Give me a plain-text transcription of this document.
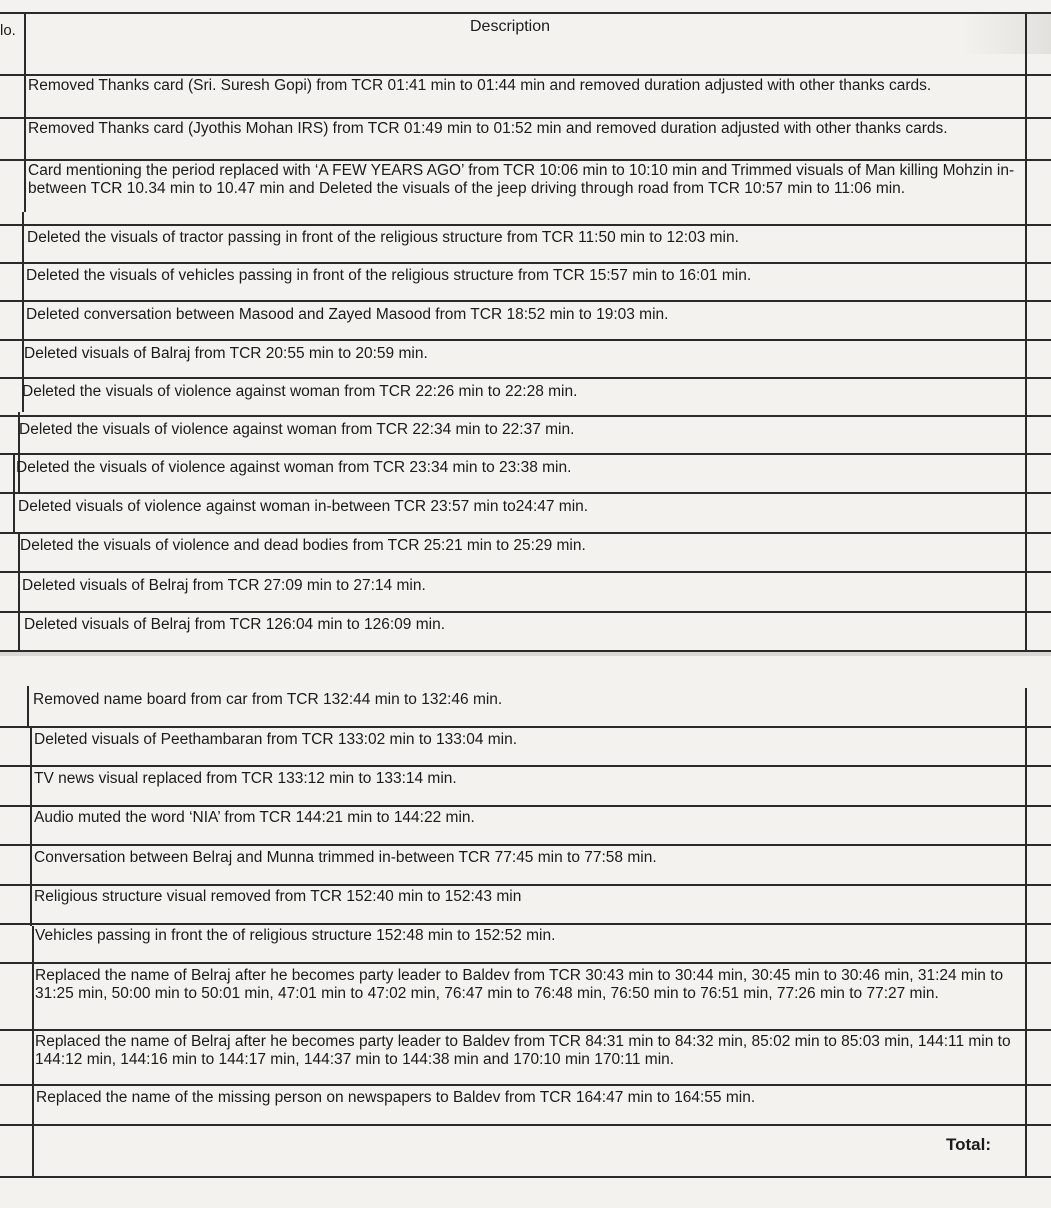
lo.	Description
Removed Thanks card (Sri. Suresh Gopi) from TCR 01:41 min to 01:44 min and removed duration adjusted with other thanks cards.
Removed Thanks card (Jyothis Mohan IRS) from TCR 01:49 min to 01:52 min and removed duration adjusted with other thanks cards.
Card mentioning the period replaced with ‘A FEW YEARS AGO’ from TCR 10:06 min to 10:10 min and Trimmed visuals of Man killing Mohzin in-between TCR 10.34 min to 10.47 min and Deleted the visuals of the jeep driving through road from TCR 10:57 min to 11:06 min.
Deleted the visuals of tractor passing in front of the religious structure from TCR 11:50 min to 12:03 min.
Deleted the visuals of vehicles passing in front of the religious structure from TCR 15:57 min to 16:01 min.
Deleted conversation between Masood and Zayed Masood from TCR 18:52 min to 19:03 min.
Deleted visuals of Balraj from TCR 20:55 min to 20:59 min.
Deleted the visuals of violence against woman from TCR 22:26 min to 22:28 min.
Deleted the visuals of violence against woman from TCR 22:34 min to 22:37 min.
Deleted the visuals of violence against woman from TCR 23:34 min to 23:38 min.
Deleted visuals of violence against woman in-between TCR 23:57 min to24:47 min.
Deleted the visuals of violence and dead bodies from TCR 25:21 min to 25:29 min.
Deleted visuals of Belraj from TCR 27:09 min to 27:14 min.
Deleted visuals of Belraj from TCR 126:04 min to 126:09 min.
Removed name board from car from TCR 132:44 min to 132:46 min.
Deleted visuals of Peethambaran from TCR 133:02 min to 133:04 min.
TV news visual replaced from TCR 133:12 min to 133:14 min.
Audio muted the word ‘NIA’ from TCR 144:21 min to 144:22 min.
Conversation between Belraj and Munna trimmed in-between TCR 77:45 min to 77:58 min.
Religious structure visual removed from TCR 152:40 min to 152:43 min
Vehicles passing in front the of religious structure 152:48 min to 152:52 min.
Replaced the name of Belraj after he becomes party leader to Baldev from TCR 30:43 min to 30:44 min, 30:45 min to 30:46 min, 31:24 min to 31:25 min, 50:00 min to 50:01 min, 47:01 min to 47:02 min, 76:47 min to 76:48 min, 76:50 min to 76:51 min, 77:26 min to 77:27 min.
Replaced the name of Belraj after he becomes party leader to Baldev from TCR 84:31 min to 84:32 min, 85:02 min to 85:03 min, 144:11 min to 144:12 min, 144:16 min to 144:17 min, 144:37 min to 144:38 min and 170:10 min 170:11 min.
Replaced the name of the missing person on newspapers to Baldev from TCR 164:47 min to 164:55 min.
Total:
